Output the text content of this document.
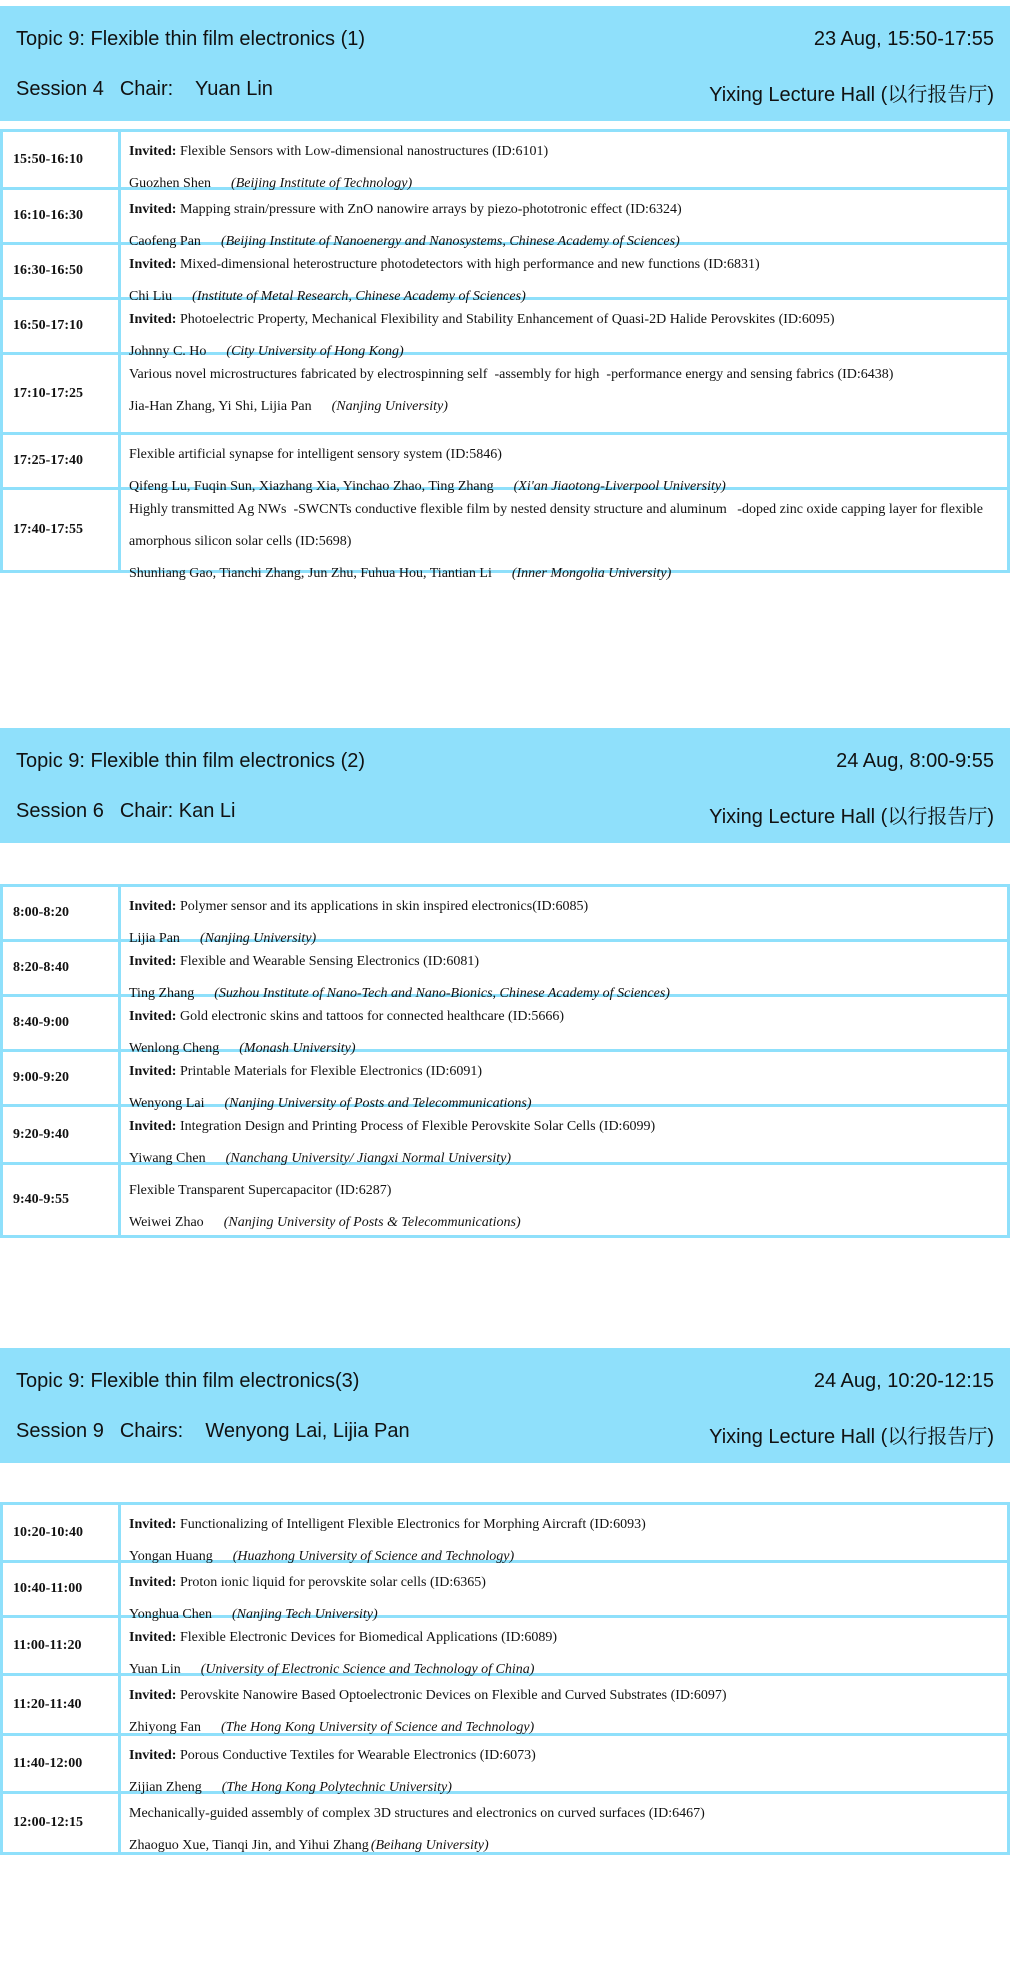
Topic 9: Flexible thin film electronics (1)	23 Aug, 15:50-17:55
Session 4 Chair:    Yuan Lin	Yixing Lecture Hall (以行报告厅)
15:50-16:10	Invited: Flexible Sensors with Low-dimensional nanostructures (ID:6101)
Guozhen Shen (Beijing Institute of Technology)
16:10-16:30	Invited: Mapping strain/pressure with ZnO nanowire arrays by piezo-phototronic effect (ID:6324)
Caofeng Pan (Beijing Institute of Nanoenergy and Nanosystems, Chinese Academy of Sciences)
16:30-16:50	Invited: Mixed-dimensional heterostructure photodetectors with high performance and new functions (ID:6831)
Chi Liu (Institute of Metal Research, Chinese Academy of Sciences)
16:50-17:10	Invited: Photoelectric Property, Mechanical Flexibility and Stability Enhancement of Quasi-2D Halide Perovskites (ID:6095)
Johnny C. Ho (City University of Hong Kong)
17:10-17:25
Various novel microstructures fabricated by electrospinning self  -assembly for high  -performance energy and sensing fabrics (ID:6438)
Jia-Han Zhang, Yi Shi, Lijia Pan (Nanjing University)
17:25-17:40	Flexible artificial synapse for intelligent sensory system (ID:5846)
Qifeng Lu, Fuqin Sun, Xiazhang Xia, Yinchao Zhao, Ting Zhang (Xi'an Jiaotong-Liverpool University)
17:40-17:55
Highly transmitted Ag NWs  -SWCNTs conductive flexible film by nested density structure and aluminum   -doped zinc oxide capping layer for flexible amorphous silicon solar cells (ID:5698)
Shunliang Gao, Tianchi Zhang, Jun Zhu, Fuhua Hou, Tiantian Li (Inner Mongolia University)
Topic 9: Flexible thin film electronics (2)	24 Aug, 8:00-9:55
Session 6 Chair: Kan Li	Yixing Lecture Hall (以行报告厅)
8:00-8:20	Invited: Polymer sensor and its applications in skin inspired electronics(ID:6085)
Lijia Pan (Nanjing University)
8:20-8:40	Invited: Flexible and Wearable Sensing Electronics (ID:6081)
Ting Zhang (Suzhou Institute of Nano-Tech and Nano-Bionics, Chinese Academy of Sciences)
8:40-9:00	Invited: Gold electronic skins and tattoos for connected healthcare (ID:5666)
Wenlong Cheng (Monash University)
9:00-9:20	Invited: Printable Materials for Flexible Electronics (ID:6091)
Wenyong Lai (Nanjing University of Posts and Telecommunications)
9:20-9:40	Invited: Integration Design and Printing Process of Flexible Perovskite Solar Cells (ID:6099)
Yiwang Chen (Nanchang University/ Jiangxi Normal University)
9:40-9:55
Flexible Transparent Supercapacitor (ID:6287)
Weiwei Zhao (Nanjing University of Posts & Telecommunications)
Topic 9: Flexible thin film electronics(3)	24 Aug, 10:20-12:15
Session 9 Chairs:    Wenyong Lai, Lijia Pan	Yixing Lecture Hall (以行报告厅)
10:20-10:40	Invited: Functionalizing of Intelligent Flexible Electronics for Morphing Aircraft (ID:6093)
Yongan Huang (Huazhong University of Science and Technology)
10:40-11:00	Invited: Proton ionic liquid for perovskite solar cells (ID:6365)
Yonghua Chen (Nanjing Tech University)
11:00-11:20	Invited: Flexible Electronic Devices for Biomedical Applications (ID:6089)
Yuan Lin (University of Electronic Science and Technology of China)
11:20-11:40
Invited: Perovskite Nanowire Based Optoelectronic Devices on Flexible and Curved Substrates (ID:6097)
Zhiyong Fan (The Hong Kong University of Science and Technology)
11:40-12:00	Invited: Porous Conductive Textiles for Wearable Electronics (ID:6073)
Zijian Zheng (The Hong Kong Polytechnic University)
12:00-12:15
Mechanically-guided assembly of complex 3D structures and electronics on curved surfaces (ID:6467)
Zhaoguo Xue, Tianqi Jin, and Yihui Zhang (Beihang University)
